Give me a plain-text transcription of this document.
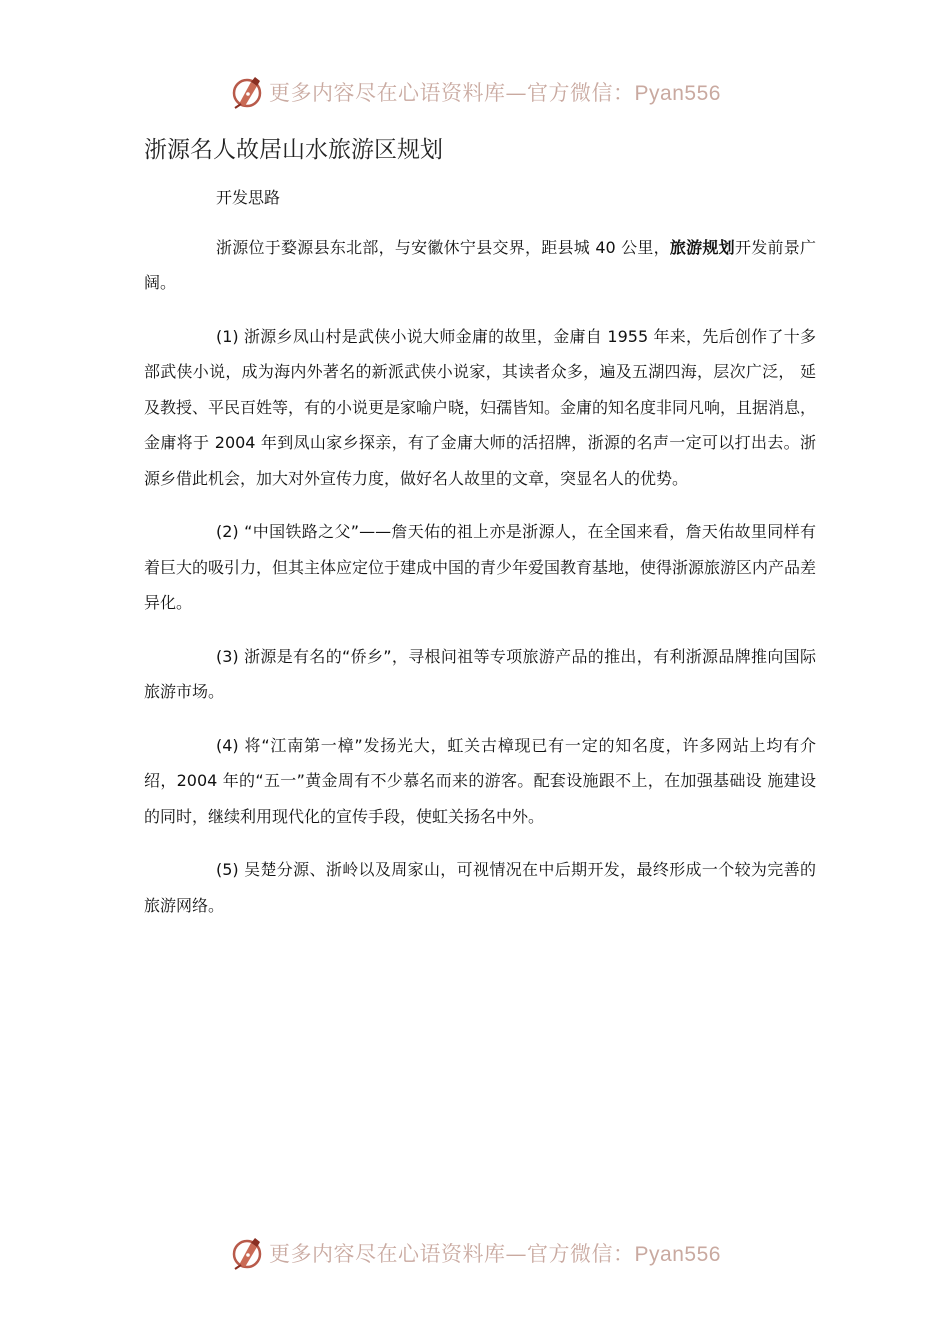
更多内容尽在心语资料库—官方微信：Pyan556
浙源名人故居山水旅游区规划

开发思路

浙源位于婺源县东北部，与安徽休宁县交界，距县城 40 公里，旅游规划开发前景广阔。

(1) 浙源乡凤山村是武侠小说大师金庸的故里，金庸自 1955 年来，先后创作了十多部武侠小说，成为海内外著名的新派武侠小说家，其读者众多，遍及五湖四海，层次广泛， 延及教授、平民百姓等，有的小说更是家喻户晓，妇孺皆知。金庸的知名度非同凡响，且据消息，金庸将于 2004 年到凤山家乡探亲，有了金庸大师的活招牌，浙源的名声一定可以打出去。浙源乡借此机会，加大对外宣传力度，做好名人故里的文章，突显名人的优势。

(2) “中国铁路之父”——詹天佑的祖上亦是浙源人，在全国来看，詹天佑故里同样有着巨大的吸引力，但其主体应定位于建成中国的青少年爱国教育基地，使得浙源旅游区内产品差异化。

(3) 浙源是有名的“侨乡”，寻根问祖等专项旅游产品的推出，有利浙源品牌推向国际旅游市场。

(4) 将“江南第一樟”发扬光大，虹关古樟现已有一定的知名度，许多网站上均有介绍，2004 年的“五一”黄金周有不少慕名而来的游客。配套设施跟不上，在加强基础设 施建设的同时，继续利用现代化的宣传手段，使虹关扬名中外。

(5) 吴楚分源、浙岭以及周家山，可视情况在中后期开发，最终形成一个较为完善的旅游网络。

更多内容尽在心语资料库—官方微信：Pyan556
